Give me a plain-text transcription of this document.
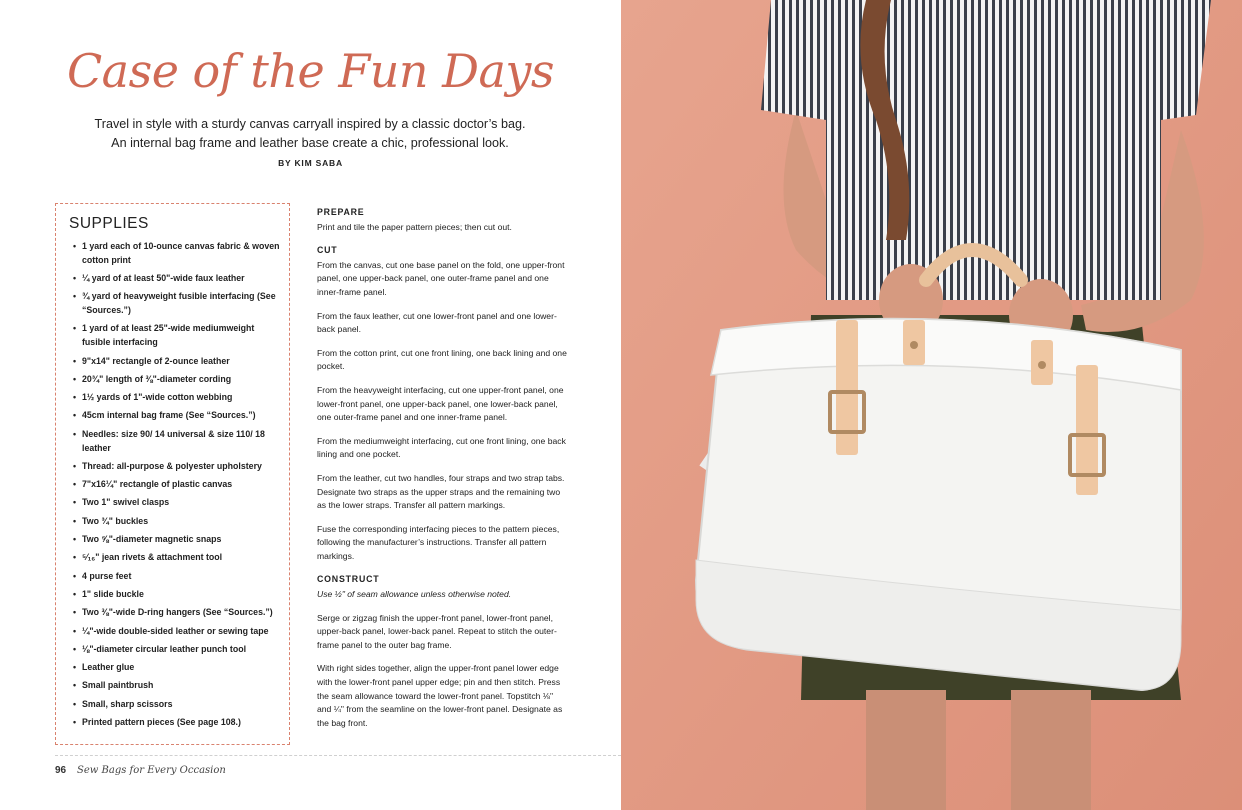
Case of the Fun Days
Travel in style with a sturdy canvas carryall inspired by a classic doctor’s bag.
An internal bag frame and leather base create a chic, professional look.
BY KIM SABA
SUPPLIES
• 1 yard each of 10-ounce canvas fabric & woven cotton print
• ¼ yard of at least 50"-wide faux leather
• ¾ yard of heavyweight fusible interfacing (See “Sources.”)
• 1 yard of at least 25"-wide mediumweight fusible interfacing
• 9"x14" rectangle of 2-ounce leather
• 20¾" length of ⅜"-diameter cording
• 1½ yards of 1"-wide cotton webbing
• 45cm internal bag frame (See “Sources.”)
• Needles: size 90/ 14 universal & size 110/ 18 leather
• Thread: all-purpose & polyester upholstery
• 7"x16¼" rectangle of plastic canvas
• Two 1" swivel clasps
• Two ¾" buckles
• Two ⅝"-diameter magnetic snaps
• ⁵⁄₁₆" jean rivets & attachment tool
• 4 purse feet
• 1" slide buckle
• Two ⅜"-wide D-ring hangers (See “Sources.”)
• ¼"-wide double-sided leather or sewing tape
• ⅛"-diameter circular leather punch tool
• Leather glue
• Small paintbrush
• Small, sharp scissors
• Printed pattern pieces (See page 108.)
PREPARE

Print and tile the paper pattern pieces; then cut out.

CUT

From the canvas, cut one base panel on the fold, one upper-front panel, one upper-back panel, one outer-frame panel and one inner-frame panel.

From the faux leather, cut one lower-front panel and one lower-back panel.

From the cotton print, cut one front lining, one back lining and one pocket.

From the heavyweight interfacing, cut one upper-front panel, one lower-front panel, one upper-back panel, one lower-back panel, one outer-frame panel and one inner-frame panel.

From the mediumweight interfacing, cut one front lining, one back lining and one pocket.

From the leather, cut two handles, four straps and two strap tabs. Designate two straps as the upper straps and the remaining two as the lower straps. Transfer all pattern markings.

Fuse the corresponding interfacing pieces to the pattern pieces, following the manufacturer’s instructions. Transfer all pattern markings.

CONSTRUCT

Use ½" of seam allowance unless otherwise noted.

Serge or zigzag finish the upper-front panel, lower-front panel, upper-back panel, lower-back panel. Repeat to stitch the outer-frame panel to the outer bag frame.

With right sides together, align the upper-front panel lower edge with the lower-front panel upper edge; pin and then stitch. Press the seam allowance toward the lower-front panel. Topstitch ⅛" and ¼" from the seamline on the lower-front panel. Designate as the bag front.

96 Sew Bags for Every Occasion
